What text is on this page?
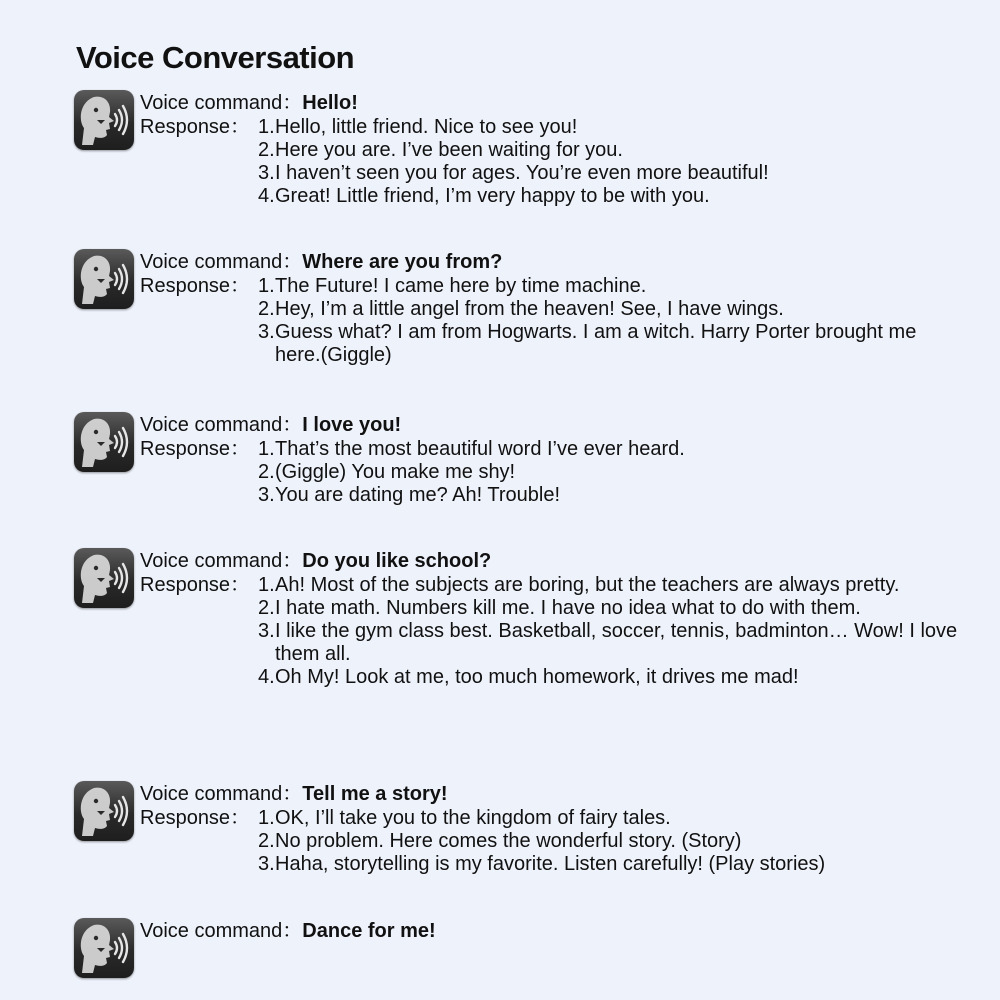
Voice Conversation
Voice command：Hello!
Response： 1. Hello, little friend. Nice to see you!
2. Here you are. I’ve been waiting for you.
3. I haven’t seen you for ages. You’re even more beautiful!
4. Great! Little friend, I’m very happy to be with you.
Voice command：Where are you from?
Response： 1. The Future! I came here by time machine.
2. Hey, I’m a little angel from the heaven! See, I have wings.
3. Guess what? I am from Hogwarts. I am a witch. Harry Porter brought me here.(Giggle)
Voice command：I love you!
Response： 1. That’s the most beautiful word I’ve ever heard.
2. (Giggle) You make me shy!
3. You are dating me? Ah! Trouble!
Voice command：Do you like school?
Response： 1. Ah! Most of the subjects are boring, but the teachers are always pretty.
2. I hate math. Numbers kill me. I have no idea what to do with them.
3. I like the gym class best. Basketball, soccer, tennis, badminton… Wow! I love them all.
4. Oh My! Look at me, too much homework, it drives me mad!
Voice command：Tell me a story!
Response： 1. OK, I’ll take you to the kingdom of fairy tales.
2. No problem. Here comes the wonderful story. (Story)
3. Haha, storytelling is my favorite. Listen carefully! (Play stories)
Voice command：Dance for me!
